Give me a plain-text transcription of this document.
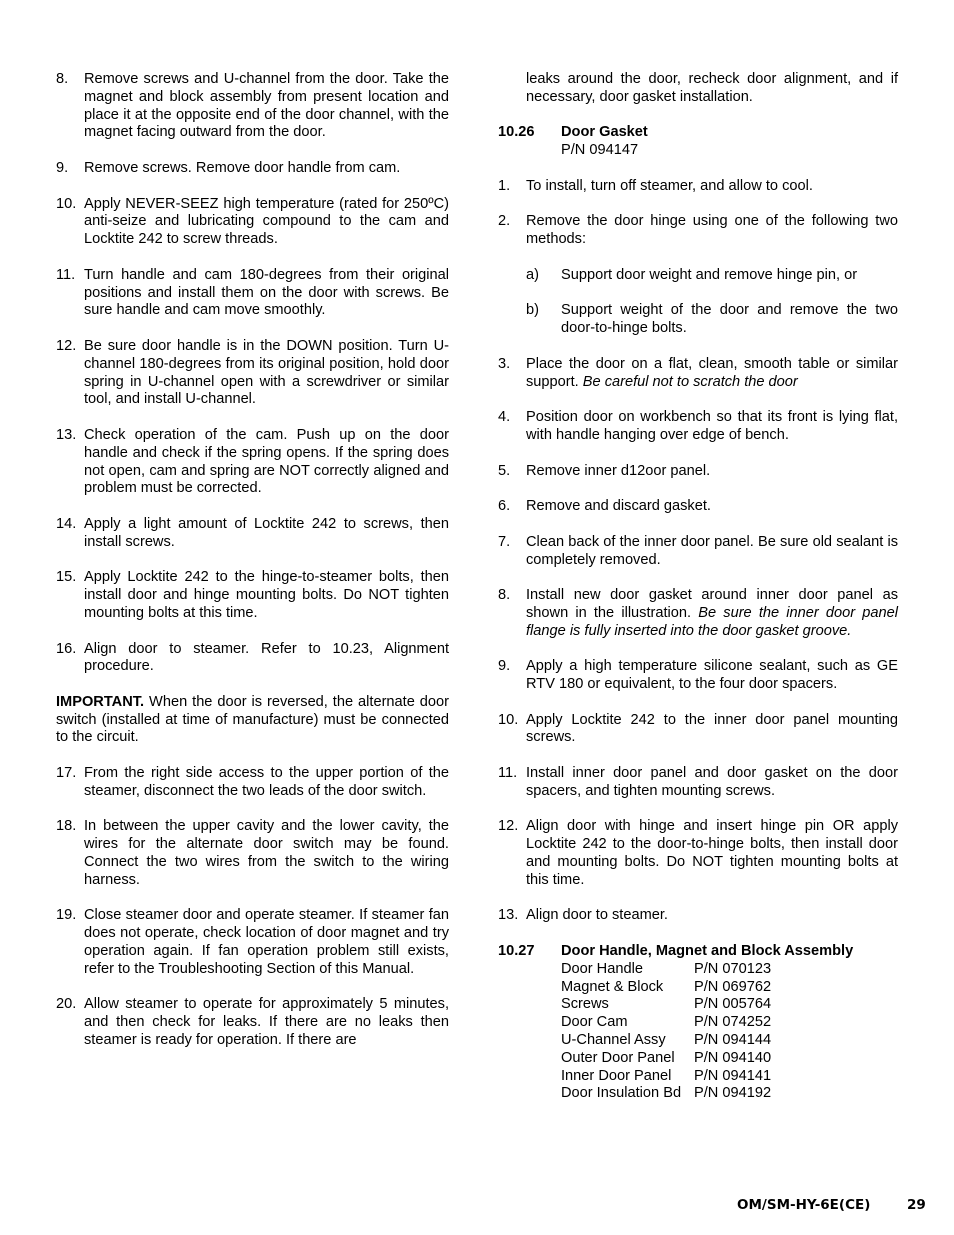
8.	Remove screws and U-channel from the door. Take the magnet and block assembly from present location and place it at the opposite end of the door channel, with the magnet facing outward from the door.
9.	Remove screws. Remove door handle from cam.
10. Apply NEVER-SEEZ high temperature (rated for 250ºC) anti-seize and lubricating compound to the cam and Locktite 242 to screw threads.
11. Turn handle and cam 180-degrees from their original positions and install them on the door with screws. Be sure handle and cam move smoothly.
12. Be sure door handle is in the DOWN position. Turn U-channel 180-degrees from its original position, hold door spring in U-channel open with a screwdriver or similar tool, and install U-channel.
13. Check operation of the cam. Push up on the door handle and check if the spring opens. If the spring does not open, cam and spring are NOT correctly aligned and problem must be corrected.
14. Apply a light amount of Locktite 242 to screws, then install screws.
15. Apply Locktite 242 to the hinge-to-steamer bolts, then install door and hinge mounting bolts. Do NOT tighten mounting bolts at this time.
16. Align door to steamer. Refer to 10.23, Alignment procedure.
IMPORTANT. When the door is reversed, the alternate door switch (installed at time of manufacture) must be connected to the circuit.
17. From the right side access to the upper portion of the steamer, disconnect the two leads of the door switch.
18. In between the upper cavity and the lower cavity, the wires for the alternate door switch may be found. Connect the two wires from the switch to the wiring harness.
19. Close steamer door and operate steamer. If steamer fan does not operate, check location of door magnet and try operation again. If fan operation problem still exists, refer to the Troubleshooting Section of this Manual.
20. Allow steamer to operate for approximately 5 minutes, and then check for leaks. If there are no leaks then steamer is ready for operation. If there are
leaks around the door, recheck door alignment, and if necessary, door gasket installation.
10.26	Door Gasket
P/N 094147
1.	To install, turn off steamer, and allow to cool.
2.	Remove the door hinge using one of the following two methods:
a)	Support door weight and remove hinge pin, or
b)	Support weight of the door and remove the two door-to-hinge bolts.
3.	Place the door on a flat, clean, smooth table or similar support. Be careful not to scratch the door
4.	Position door on workbench so that its front is lying flat, with handle hanging over edge of bench.
5.	Remove inner d12oor panel.
6.	Remove and discard gasket.
7.	Clean back of the inner door panel. Be sure old sealant is completely removed.
8.	Install new door gasket around inner door panel as shown in the illustration. Be sure the inner door panel flange is fully inserted into the door gasket groove.
9.	Apply a high temperature silicone sealant, such as GE RTV 180 or equivalent, to the four door spacers.
10. Apply Locktite 242 to the inner door panel mounting screws.
11. Install inner door panel and door gasket on the door spacers, and tighten mounting screws.
12. Align door with hinge and insert hinge pin OR apply Locktite 242 to the door-to-hinge bolts, then install door and mounting bolts. Do NOT tighten mounting bolts at this time.
13. Align door to steamer.
10.27	Door Handle, Magnet and Block Assembly
Door Handle	P/N 070123
Magnet & Block	P/N 069762
Screws	P/N 005764
Door Cam	P/N 074252
U-Channel Assy	P/N 094144
Outer Door Panel	P/N 094140
Inner Door Panel	P/N 094141
Door Insulation Bd P/N 094192
OM/SM-HY-6E(CE)	29
